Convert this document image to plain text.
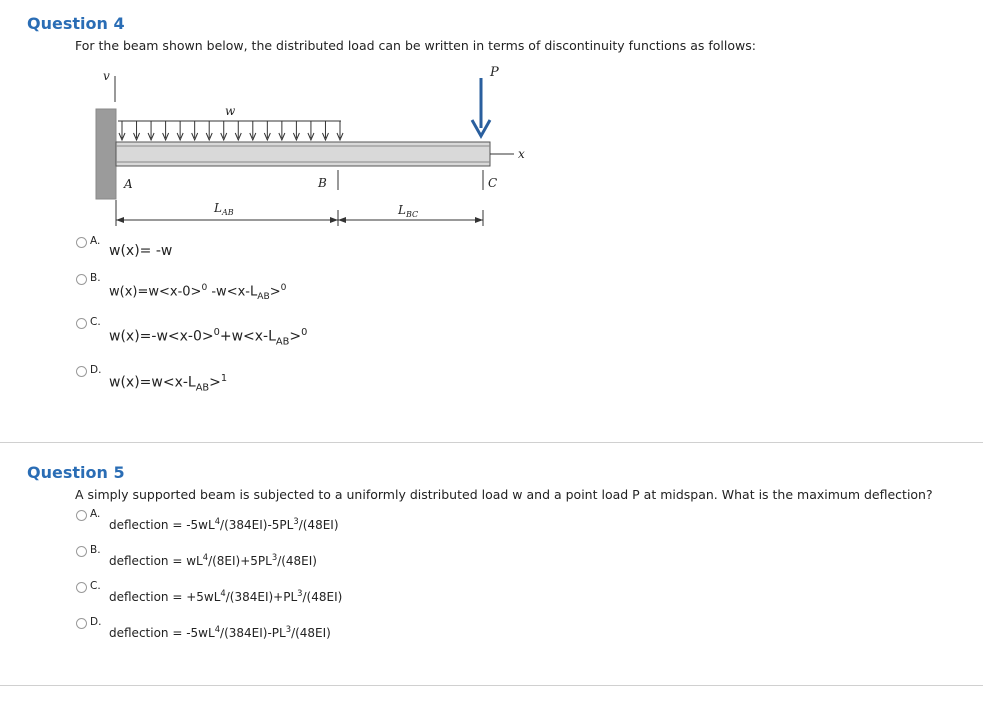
Question 4
For the beam shown below, the distributed load can be written in terms of discontinuity functions as follows:
v
w
x
P
A	B	C
$L_{AB}$	$L_{BC}$
A.
w(x)= -w
B.
w(x)=w<x-0>$^0$ $-w<x-L_{AB}>^0$
C.
$w(x)=-w<x-0>^0+w<x-L_{AB}>^0$
D.
$w(x)=w<x-L_{AB}>^1$
Question 5
A simply supported beam is subjected to a uniformly distributed load w and a point load P at midspan. What is the maximum deflection?
A.
deflection = $-5wL^4/(384EI)-5PL^3/(48EI)$
B.
deflection = $wL^4/(8EI)+5PL^3/(48EI)$
C.
deflection = $+5wL^4/(384EI)+PL^3/(48EI)$
D.
deflection = $-5wL^4/(384EI)-PL^3/(48EI)$
